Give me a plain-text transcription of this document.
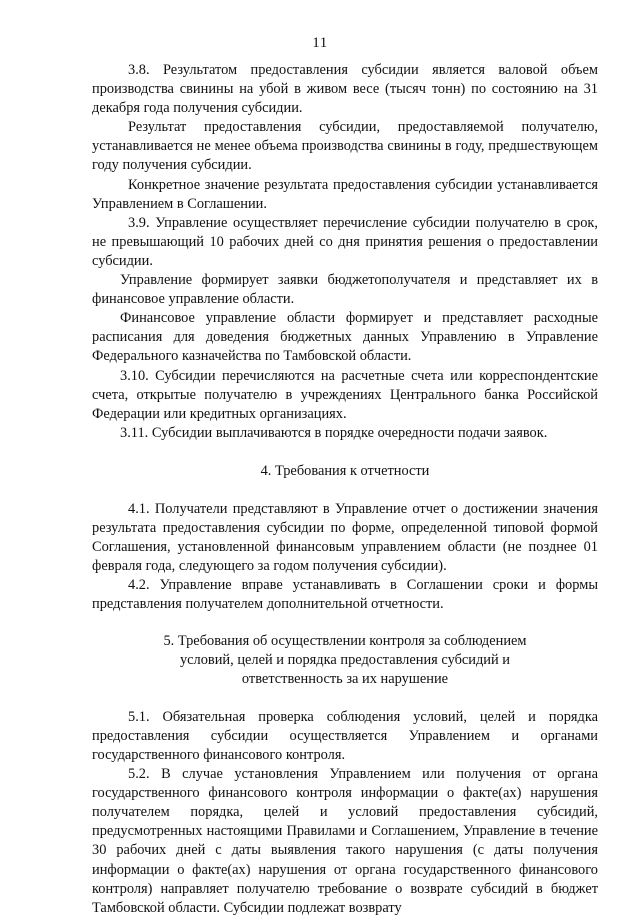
11

3.8. Результатом предоставления субсидии является валовой объем производства свинины на убой в живом весе (тысяч тонн) по состоянию на 31 декабря года получения субсидии.

Результат предоставления субсидии, предоставляемой получателю, устанавливается не менее объема производства свинины в году, предшествующем году получения субсидии.

Конкретное значение результата предоставления субсидии устанавливается Управлением в Соглашении.

3.9. Управление осуществляет перечисление субсидии получателю в срок, не превышающий 10 рабочих дней со дня принятия решения о предоставлении субсидии.

Управление формирует заявки бюджетополучателя и представляет их в финансовое управление области.

Финансовое управление области формирует и представляет расходные расписания для доведения бюджетных данных Управлению в Управление Федерального казначейства по Тамбовской области.

3.10. Субсидии перечисляются на расчетные счета или корреспондентские счета, открытые получателю в учреждениях Центрального банка Российской Федерации или кредитных организациях.

3.11. Субсидии выплачиваются в порядке очередности подачи заявок.

4. Требования к отчетности

4.1. Получатели представляют в Управление отчет о достижении значения результата предоставления субсидии по форме, определенной типовой формой Соглашения, установленной финансовым управлением области (не позднее 01 февраля года, следующего за годом получения субсидии).

4.2. Управление вправе устанавливать в Соглашении сроки и формы представления получателем дополнительной отчетности.

5. Требования об осуществлении контроля за соблюдением

условий, целей и порядка предоставления субсидий и

ответственность за их нарушение

5.1. Обязательная проверка соблюдения условий, целей и порядка предоставления субсидии осуществляется Управлением и органами государственного финансового контроля.

5.2. В случае установления Управлением или получения от органа государственного финансового контроля информации о факте(ах) нарушения получателем порядка, целей и условий предоставления субсидий, предусмотренных настоящими Правилами и Соглашением, Управление в течение 30 рабочих дней с даты выявления такого нарушения (с даты получения информации о факте(ах) нарушения от органа государственного финансового контроля) направляет получателю требование о возврате субсидий в бюджет Тамбовской области. Субсидии подлежат возврату
